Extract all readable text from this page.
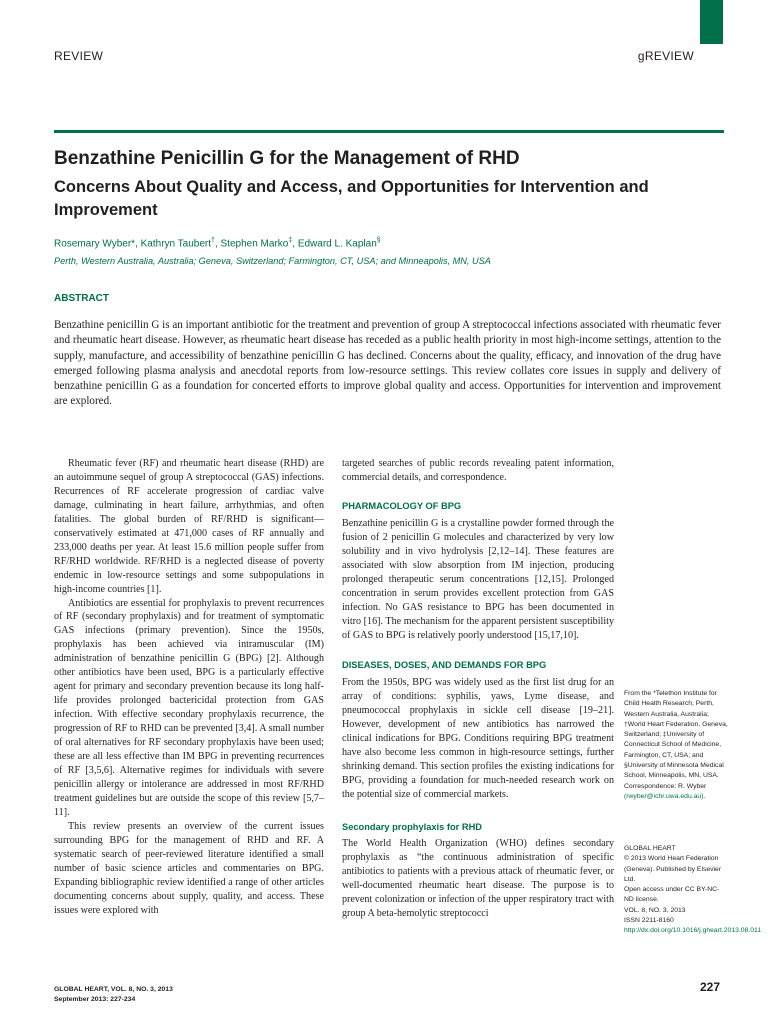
REVIEW	gREVIEW
Benzathine Penicillin G for the Management of RHD
Concerns About Quality and Access, and Opportunities for Intervention and Improvement
Rosemary Wyber*, Kathryn Taubert†, Stephen Marko‡, Edward L. Kaplan§
Perth, Western Australia, Australia; Geneva, Switzerland; Farmington, CT, USA; and Minneapolis, MN, USA
ABSTRACT

Benzathine penicillin G is an important antibiotic for the treatment and prevention of group A streptococcal infections associated with rheumatic fever and rheumatic heart disease. However, as rheumatic heart disease has receded as a public health priority in most high-income settings, attention to the supply, manufacture, and accessibility of benzathine penicillin G has declined. Concerns about the quality, efficacy, and innovation of the drug have emerged following plasma analysis and anecdotal reports from low-resource settings. This review collates core issues in supply and delivery of benzathine penicillin G as a foundation for concerted efforts to improve global quality and access. Opportunities for intervention and improvement are explored.

Rheumatic fever (RF) and rheumatic heart disease (RHD) are an autoimmune sequel of group A streptococcal (GAS) infections. Recurrences of RF accelerate progression of cardiac valve damage, culminating in heart failure, arrhythmias, and often fatalities. The global burden of RF/RHD is significant—conservatively estimated at 471,000 cases of RF annually and 233,000 deaths per year. At least 15.6 million people suffer from RF/RHD worldwide. RF/RHD is a neglected disease of poverty endemic in low-resource settings and some subpopulations in high-income countries [1].

Antibiotics are essential for prophylaxis to prevent recurrences of RF (secondary prophylaxis) and for treatment of symptomatic GAS infections (primary prevention). Since the 1950s, prophylaxis has been achieved via intramuscular (IM) administration of benzathine penicillin G (BPG) [2]. Although other antibiotics have been used, BPG is a particularly effective agent for primary and secondary prevention because its long half-life provides prolonged bactericidal protection from GAS infection. With effective secondary prophylaxis recurrence, the progression of RF to RHD can be prevented [3,4]. A small number of oral alternatives for RF secondary prophylaxis have been used; these are all less effective than IM BPG in preventing recurrences of RF [3,5,6]. Alternative regimes for individuals with severe penicillin allergy or intolerance are addressed in most RF/RHD treatment guidelines but are outside the scope of this review [5,7–11].

This review presents an overview of the current issues surrounding BPG for the management of RHD and RF. A systematic search of peer-reviewed literature identified a small number of basic science articles and commentaries on BPG. Expanding bibliographic review identified a range of other articles documenting concerns about supply, quality, and access. These issues were explored with

targeted searches of public records revealing patent information, commercial details, and correspondence.

PHARMACOLOGY OF BPG

Benzathine penicillin G is a crystalline powder formed through the fusion of 2 penicillin G molecules and characterized by very low solubility and in vivo hydrolysis [2,12–14]. These features are associated with slow absorption from IM injection, producing prolonged therapeutic serum concentrations [12,15]. Prolonged concentration in serum provides excellent protection from GAS infection. No GAS resistance to BPG has been documented in vitro [16]. The mechanism for the apparent persistent susceptibility of GAS to BPG is relatively poorly understood [15,17,10].

DISEASES, DOSES, AND DEMANDS FOR BPG

From the 1950s, BPG was widely used as the first list drug for an array of conditions: syphilis, yaws, Lyme disease, and pneumococcal prophylaxis in sickle cell disease [19–21]. However, development of new antibiotics has narrowed the clinical indications for BPG. Conditions requiring BPG treatment have also become less common in high-resource settings, further shrinking demand. This section profiles the existing indications for BPG, providing a foundation for much-needed research work on the potential size of commercial markets.

Secondary prophylaxis for RHD

The World Health Organization (WHO) defines secondary prophylaxis as “the continuous administration of specific antibiotics to patients with a previous attack of rheumatic fever, or well-documented rheumatic heart disease. The purpose is to prevent colonization or infection of the upper respiratory tract with group A beta-hemolytic streptococci

From the *Telethon Institute for Child Health Research, Perth, Western Australia, Australia; †World Heart Federation, Geneva, Switzerland; ‡University of Connecticut School of Medicine, Farmington, CT, USA; and §University of Minnesota Medical School, Minneapolis, MN, USA. Correspondence: R. Wyber (rwyber@ichr.uwa.edu.au).
GLOBAL HEART
© 2013 World Heart Federation (Geneva). Published by Elsevier Ltd.
Open access under CC BY-NC-ND license.
VOL. 8, NO. 3, 2013
ISSN 2211-8160
http://dx.doi.org/10.1016/j.gheart.2013.08.011
GLOBAL HEART, VOL. 8, NO. 3, 2013
September 2013: 227-234
227
